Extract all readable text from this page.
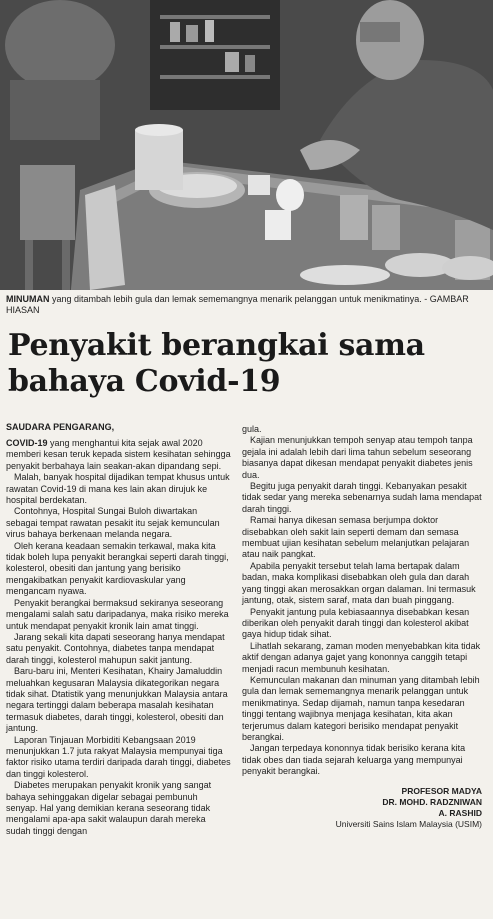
MINUMAN yang ditambah lebih gula dan lemak sememangnya menarik pelanggan untuk menikmatinya. - GAMBAR HIASAN
Penyakit berangkai sama
bahaya Covid-19
SAUDARA PENGARANG,

COVID-19 yang menghantui kita sejak awal 2020 memberi kesan teruk kepada sistem kesihatan sehingga penyakit berbahaya lain seakan-akan dipandang sepi.

Malah, banyak hospital dijadikan tempat khusus untuk rawatan Covid-19 di mana kes lain akan dirujuk ke hospital berdekatan.

Contohnya, Hospital Sungai Buloh diwartakan sebagai tempat rawatan pesakit itu sejak kemunculan virus bahaya berkenaan melanda negara.

Oleh kerana keadaan semakin terkawal, maka kita tidak boleh lupa penyakit berangkai seperti darah tinggi, kolesterol, obesiti dan jantung yang berisiko mengakibatkan penyakit kardiovaskular yang mengancam nyawa.

Penyakit berangkai bermaksud sekiranya seseorang mengalami salah satu daripadanya, maka risiko mereka untuk mendapat penyakit kronik lain amat tinggi.

Jarang sekali kita dapati seseorang hanya mendapat satu penyakit. Contohnya, diabetes tanpa mendapat darah tinggi, kolesterol mahupun sakit jantung.

Baru-baru ini, Menteri Kesihatan, Khairy Jamaluddin meluahkan kegusaran Malaysia dikategorikan negara tidak sihat. Dtatistik yang menunjukkan Malaysia antara negara tertinggi dalam beberapa masalah kesihatan termasuk diabetes, darah tinggi, kolesterol, obesiti dan jantung.

Laporan Tinjauan Morbiditi Kebangsaan 2019 menunjukkan 1.7 juta rakyat Malaysia mempunyai tiga faktor risiko utama terdiri daripada darah tinggi, diabetes dan tinggi kolesterol.

Diabetes merupakan penyakit kronik yang sangat bahaya sehinggakan digelar sebagai pembunuh senyap. Hal yang demikian kerana seseorang tidak mengalami apa-apa sakit walaupun darah mereka sudah tinggi dengan

gula.

Kajian menunjukkan tempoh senyap atau tempoh tanpa gejala ini adalah lebih dari lima tahun sebelum seseorang biasanya dapat dikesan mendapat penyakit diabetes jenis dua.

Begitu juga penyakit darah tinggi. Kebanyakan pesakit tidak sedar yang mereka sebenarnya sudah lama mendapat darah tinggi.

Ramai hanya dikesan semasa berjumpa doktor disebabkan oleh sakit lain seperti demam dan semasa membuat ujian kesihatan sebelum melanjutkan pelajaran atau naik pangkat.

Apabila penyakit tersebut telah lama bertapak dalam badan, maka komplikasi disebabkan oleh gula dan darah yang tinggi akan merosakkan organ dalaman. Ini termasuk jantung, otak, sistem saraf, mata dan buah pinggang.

Penyakit jantung pula kebiasaannya disebabkan kesan diberikan oleh penyakit darah tinggi dan kolesterol akibat gaya hidup tidak sihat.

Lihatlah sekarang, zaman moden menyebabkan kita tidak aktif dengan adanya gajet yang kononnya canggih tetapi menjadi racun membunuh kesihatan.

Kemunculan makanan dan minuman yang ditambah lebih gula dan lemak sememangnya menarik pelanggan untuk menikmatinya. Sedap dijamah, namun tanpa kesedaran tinggi tentang wajibnya menjaga kesihatan, kita akan terjerumus dalam kategori berisiko mendapat penyakit berangkai.

Jangan terpedaya kononnya tidak berisiko kerana kita tidak obes dan tiada sejarah keluarga yang mempunyai penyakit berangkai.

PROFESOR MADYA
DR. MOHD. RADZNIWAN
A. RASHID
Universiti Sains Islam Malaysia (USIM)
